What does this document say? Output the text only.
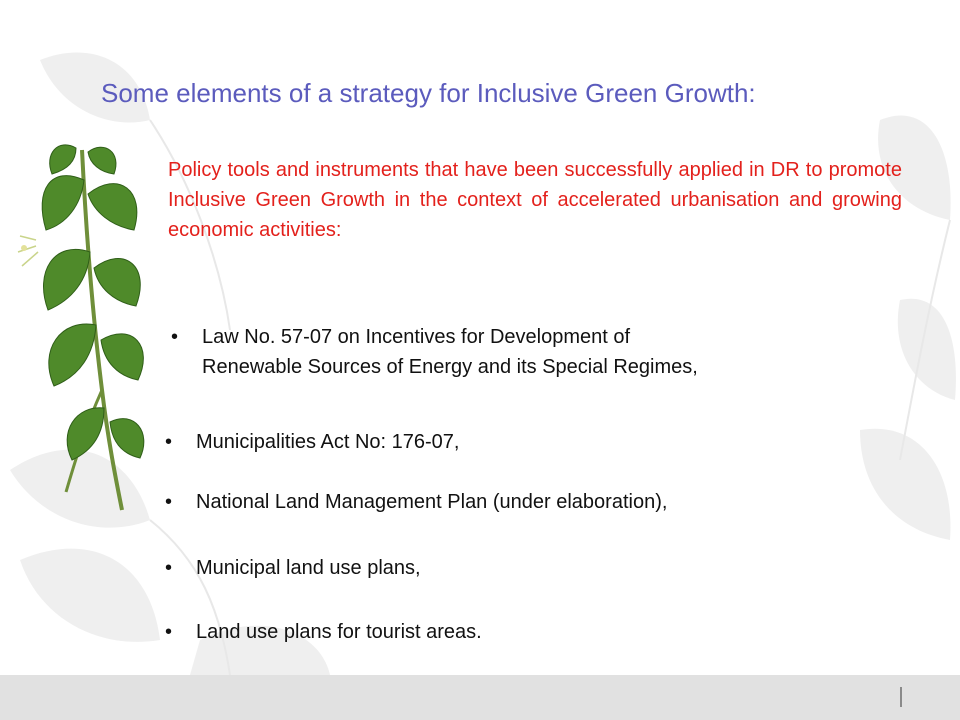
Some elements of a strategy for Inclusive Green Growth:

Policy tools and instruments that have been successfully applied in DR to promote Inclusive Green Growth in the context of accelerated urbanisation and growing economic activities:

•	Law No. 57-07 on Incentives for Development of
Renewable Sources of Energy and its Special Regimes,
•	Municipalities Act No: 176-07,
•	National Land Management Plan (under elaboration),
•	Municipal land use plans,
•	Land use plans for tourist areas.
